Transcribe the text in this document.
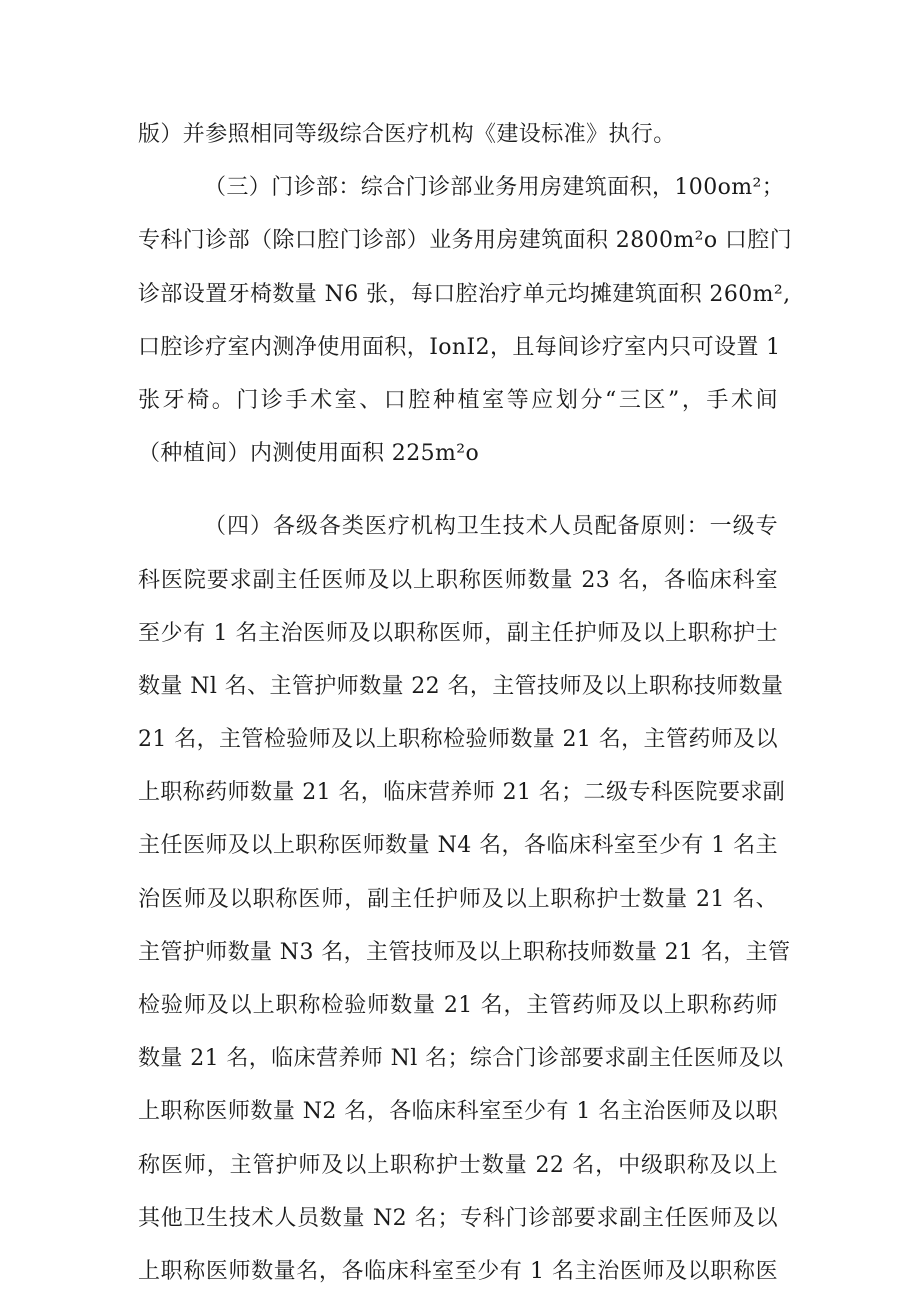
版）并参照相同等级综合医疗机构《建设标准》执行。
（三）门诊部：综合门诊部业务用房建筑面积，100om²；
专科门诊部（除口腔门诊部）业务用房建筑面积 2800m²o 口腔门
诊部设置牙椅数量 N6 张，每口腔治疗单元均摊建筑面积 260m²,
口腔诊疗室内测净使用面积，IonI2，且每间诊疗室内只可设置 1
张牙椅。门诊手术室、口腔种植室等应划分“三区”，手术间
（种植间）内测使用面积 225m²o
（四）各级各类医疗机构卫生技术人员配备原则：一级专
科医院要求副主任医师及以上职称医师数量 23 名，各临床科室
至少有 1 名主治医师及以职称医师，副主任护师及以上职称护士
数量 Nl 名、主管护师数量 22 名，主管技师及以上职称技师数量
21 名，主管检验师及以上职称检验师数量 21 名，主管药师及以
上职称药师数量 21 名，临床营养师 21 名；二级专科医院要求副
主任医师及以上职称医师数量 N4 名，各临床科室至少有 1 名主
治医师及以职称医师，副主任护师及以上职称护士数量 21 名、
主管护师数量 N3 名，主管技师及以上职称技师数量 21 名，主管
检验师及以上职称检验师数量 21 名，主管药师及以上职称药师
数量 21 名，临床营养师 Nl 名；综合门诊部要求副主任医师及以
上职称医师数量 N2 名，各临床科室至少有 1 名主治医师及以职
称医师，主管护师及以上职称护士数量 22 名，中级职称及以上
其他卫生技术人员数量 N2 名；专科门诊部要求副主任医师及以
上职称医师数量名，各临床科室至少有 1 名主治医师及以职称医
